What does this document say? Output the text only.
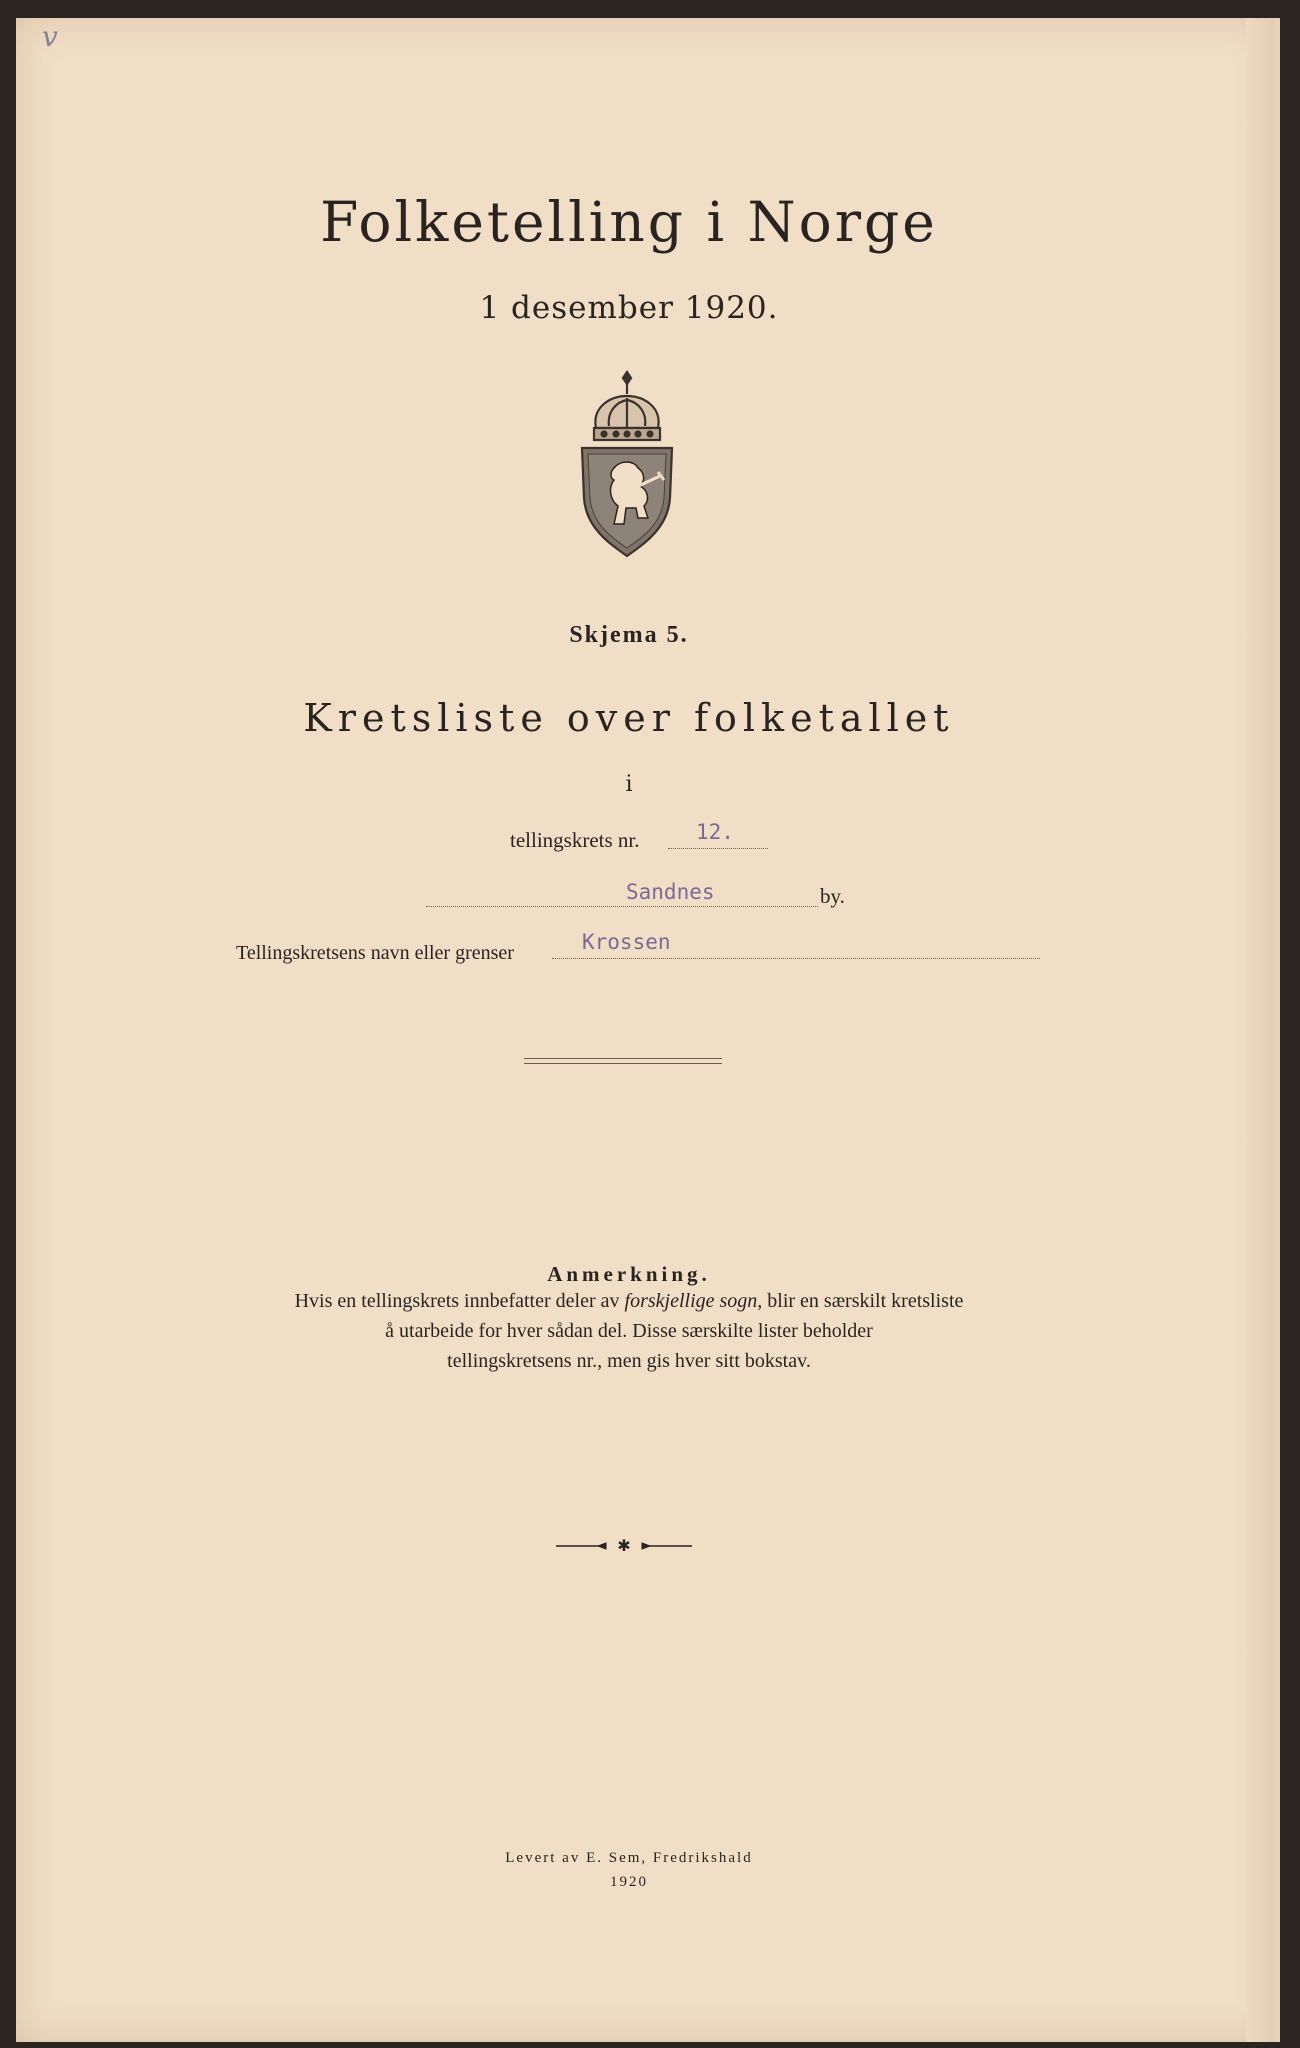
v
Folketelling i Norge
1 desember 1920.
Skjema 5.
Kretsliste over folketallet
i
tellingskrets nr.	12.
Sandnes	by.
Tellingskretsens navn eller grenser	Krossen
Anmerkning.
Hvis en tellingskrets innbefatter deler av forskjellige sogn, blir en særskilt kretsliste
å utarbeide for hver sådan del. Disse særskilte lister beholder
tellingskretsens nr., men gis hver sitt bokstav.
✱
Levert av E. Sem, Fredrikshald
1920
